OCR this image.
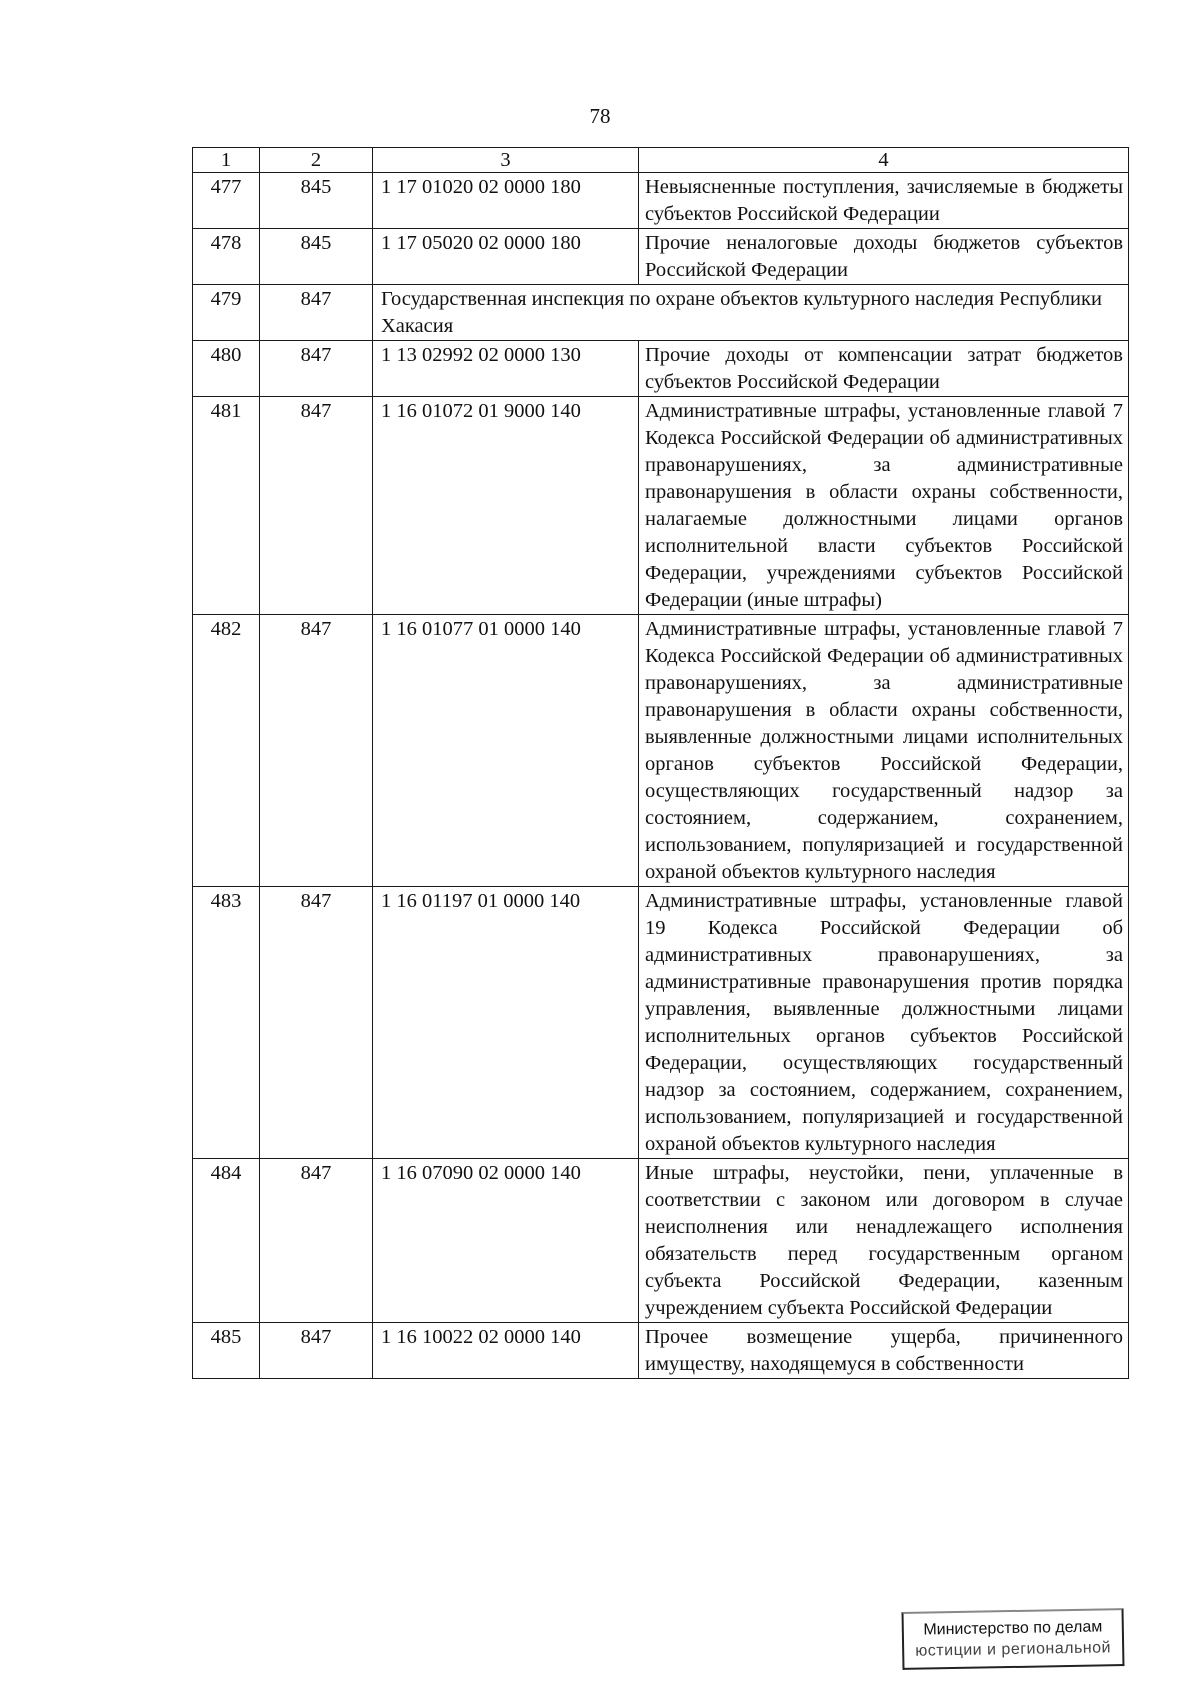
78
1	2	3	4
477	845	1 17 01020 02 0000 180	Невыясненные поступления, зачисляемые в бюджеты субъектов Российской Федерации
478	845	1 17 05020 02 0000 180	Прочие неналоговые доходы бюджетов субъектов Российской Федерации
479	847	Государственная инспекция по охране объектов культурного наследия Республики Хакасия	
480	847	1 13 02992 02 0000 130	Прочие доходы от компенсации затрат бюджетов субъектов Российской Федерации
481	847	1 16 01072 01 9000 140	Административные штрафы, установленные главой 7 Кодекса Российской Федерации об административных правонарушениях, за административные правонарушения в области охраны собственности, налагаемые должностными лицами органов исполнительной власти субъектов Российской Федерации, учреждениями субъектов Российской Федерации (иные штрафы)
482	847	1 16 01077 01 0000 140	Административные штрафы, установленные главой 7 Кодекса Российской Федерации об административных правонарушениях, за административные правонарушения в области охраны собственности, выявленные должностными лицами исполнительных органов субъектов Российской Федерации, осуществляющих государственный надзор за состоянием, содержанием, сохранением, использованием, популяризацией и государственной охраной объектов культурного наследия
483	847	1 16 01197 01 0000 140	Административные штрафы, установленные главой 19 Кодекса Российской Федерации об административных правонарушениях, за административные правонарушения против порядка управления, выявленные должностными лицами исполнительных органов субъектов Российской Федерации, осуществляющих государственный надзор за состоянием, содержанием, сохранением, использованием, популяризацией и государственной охраной объектов культурного наследия
484	847	1 16 07090 02 0000 140	Иные штрафы, неустойки, пени, уплаченные в соответствии с законом или договором в случае неисполнения или ненадлежащего исполнения обязательств перед государственным органом субъекта Российской Федерации, казенным учреждением субъекта Российской Федерации
485	847	1 16 10022 02 0000 140	Прочее возмещение ущерба, причиненного имуществу, находящемуся в собственности
Министерство по делам
юстиции и региональной
